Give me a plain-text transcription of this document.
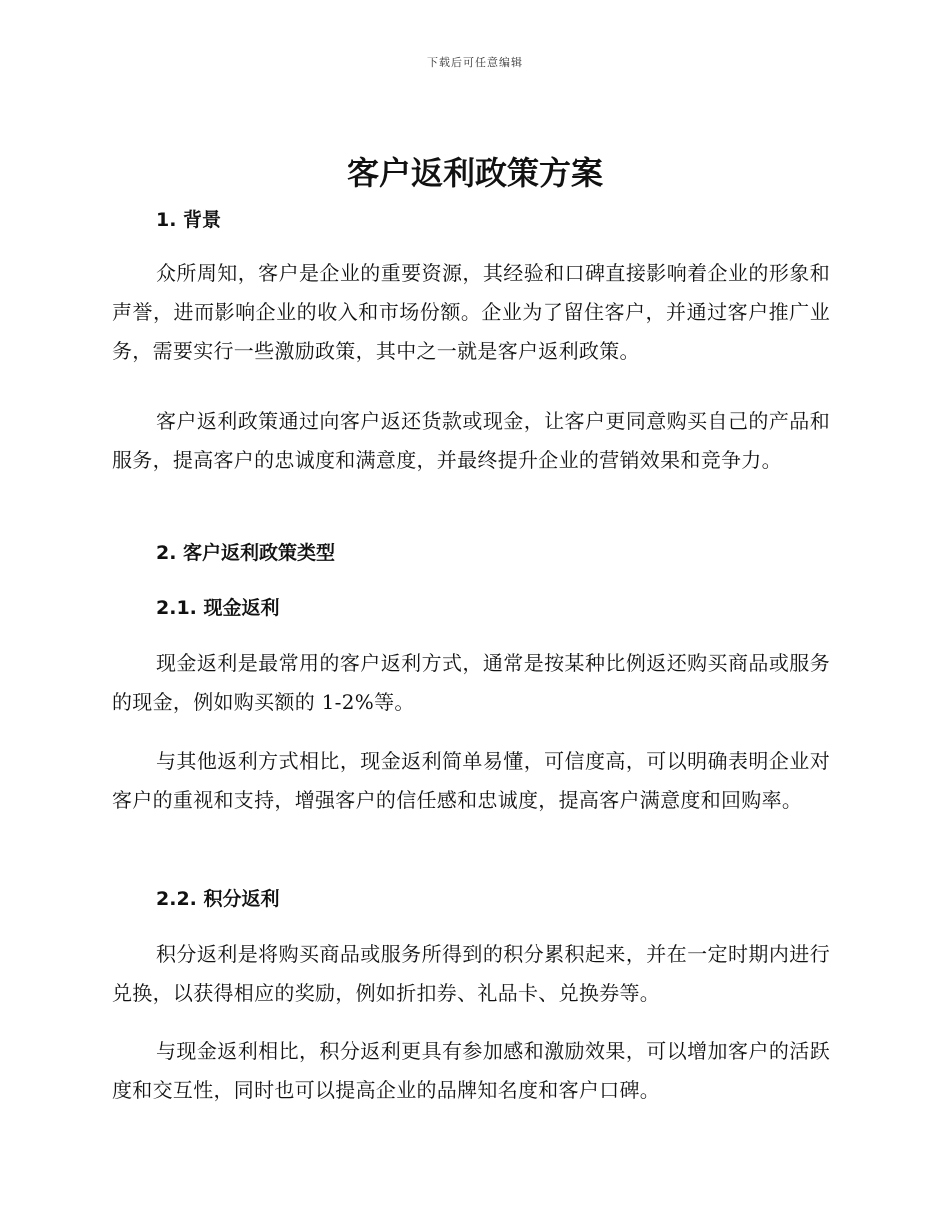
下载后可任意编辑
客户返利政策方案
1. 背景

众所周知，客户是企业的重要资源，其经验和口碑直接影响着企业的形象和声誉，进而影响企业的收入和市场份额。企业为了留住客户，并通过客户推广业务，需要实行一些激励政策，其中之一就是客户返利政策。

客户返利政策通过向客户返还货款或现金，让客户更同意购买自己的产品和服务，提高客户的忠诚度和满意度，并最终提升企业的营销效果和竞争力。

2. 客户返利政策类型
2.1. 现金返利

现金返利是最常用的客户返利方式，通常是按某种比例返还购买商品或服务的现金，例如购买额的 1-2%等。

与其他返利方式相比，现金返利简单易懂，可信度高，可以明确表明企业对客户的重视和支持，增强客户的信任感和忠诚度，提高客户满意度和回购率。

2.2. 积分返利

积分返利是将购买商品或服务所得到的积分累积起来，并在一定时期内进行兑换，以获得相应的奖励，例如折扣券、礼品卡、兑换券等。

与现金返利相比，积分返利更具有参加感和激励效果，可以增加客户的活跃度和交互性，同时也可以提高企业的品牌知名度和客户口碑。
